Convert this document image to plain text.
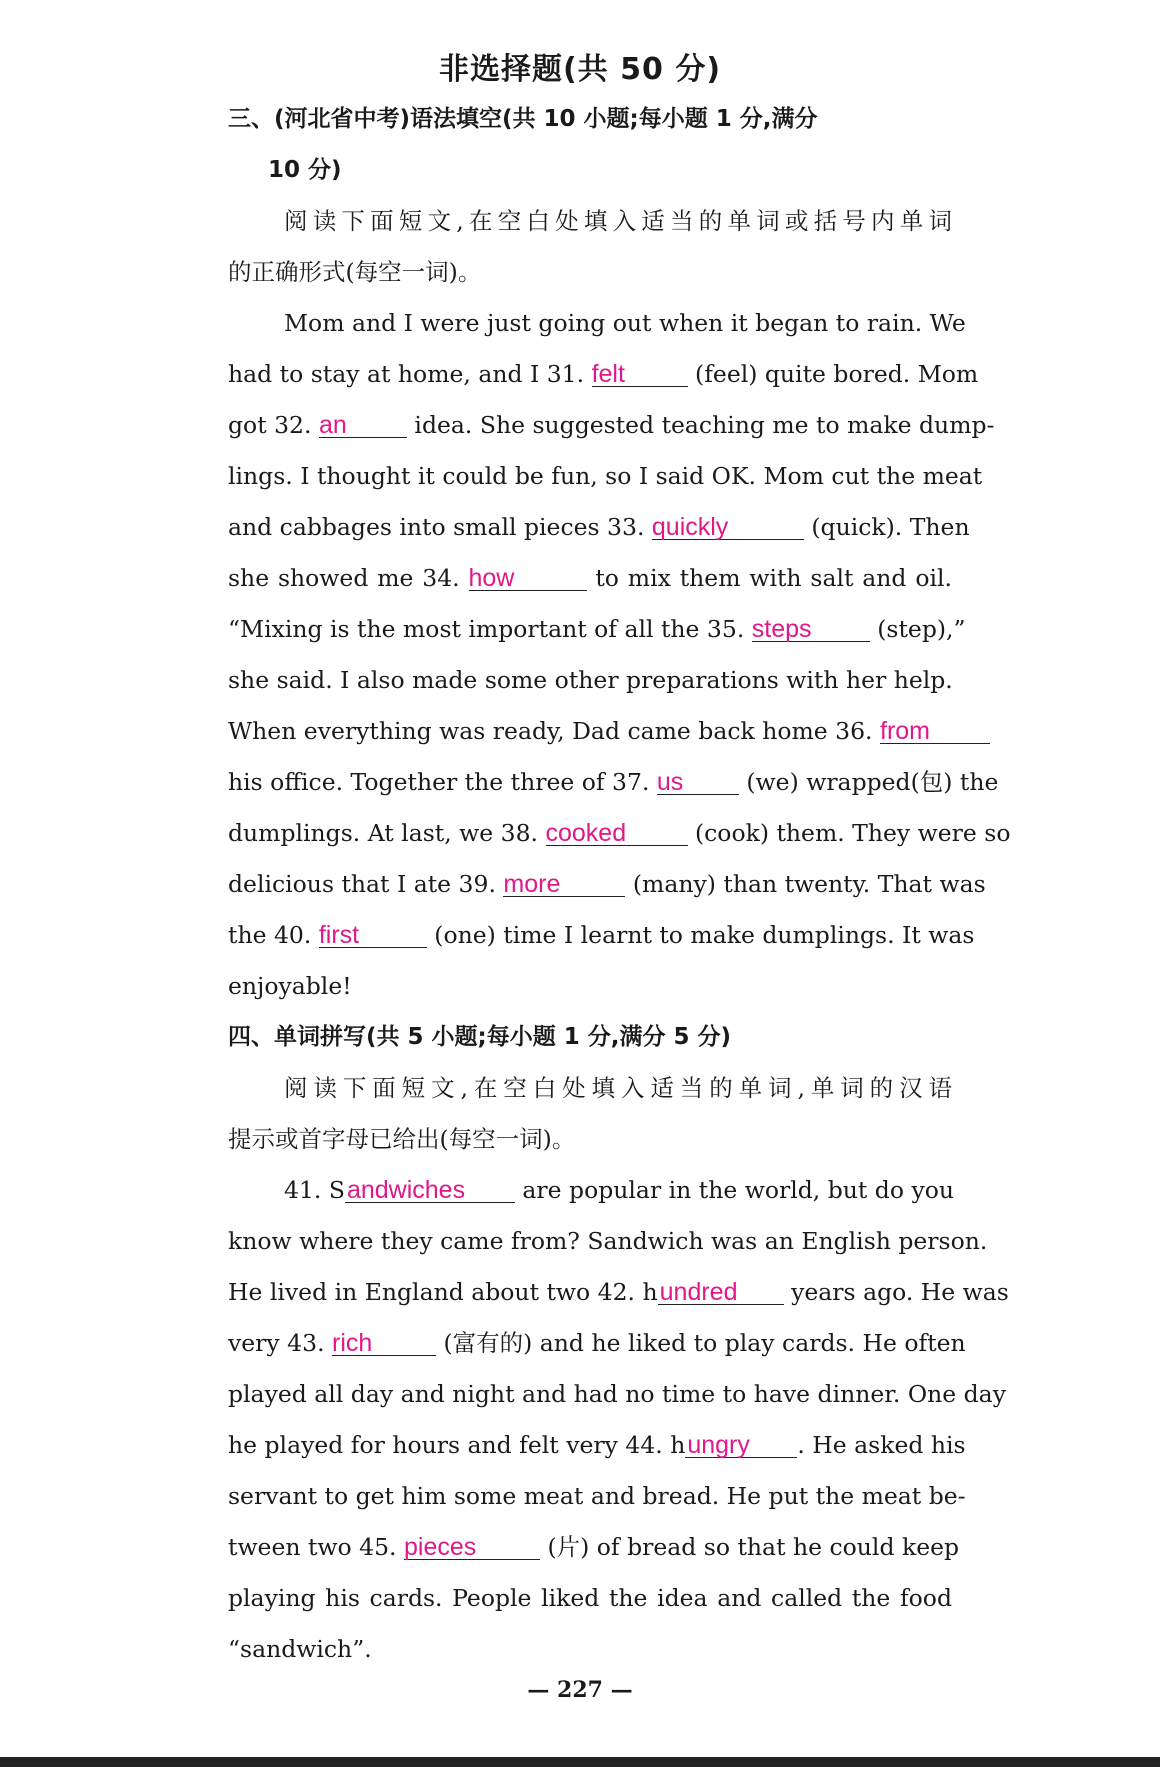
非选择题(共 50 分)
三、(河北省中考)语法填空(共 10 小题;每小题 1 分,满分
10 分)
阅读下面短文,在空白处填入适当的单词或括号内单词
的正确形式(每空一词)。
Mom and I were just going out when it began to rain. We
had to stay at home, and I 31. felt	(feel) quite bored. Mom
got 32. an	idea. She suggested teaching me to make dump-
lings. I thought it could be fun, so I said OK. Mom cut the meat
and cabbages into small pieces 33. quickly	(quick). Then
she showed me 34. how	to mix them with salt and oil.
“Mixing is the most important of all the 35. steps (step),”
she said. I also made some other preparations with her help.
When everything was ready, Dad came back home 36. from
his office. Together the three of 37. us (we) wrapped(包) the
dumplings. At last, we 38. cooked	(cook) them. They were so
delicious that I ate 39. more	(many) than twenty. That was
the 40. first	(one) time I learnt to make dumplings. It was
enjoyable!
四、单词拼写(共 5 小题;每小题 1 分,满分 5 分)
阅读下面短文,在空白处填入适当的单词,单词的汉语
提示或首字母已给出(每空一词)。
41. Sandwiches are popular in the world, but do you
know where they came from? Sandwich was an English person.
He lived in England about two 42. hundred years ago. He was
very 43. rich	(富有的) and he liked to play cards. He often
played all day and night and had no time to have dinner. One day
he played for hours and felt very 44. hungry . He asked his
servant to get him some meat and bread. He put the meat be-
tween two 45. pieces	(片) of bread so that he could keep
playing his cards. People liked the idea and called the food
“sandwich”.
— 227 —
